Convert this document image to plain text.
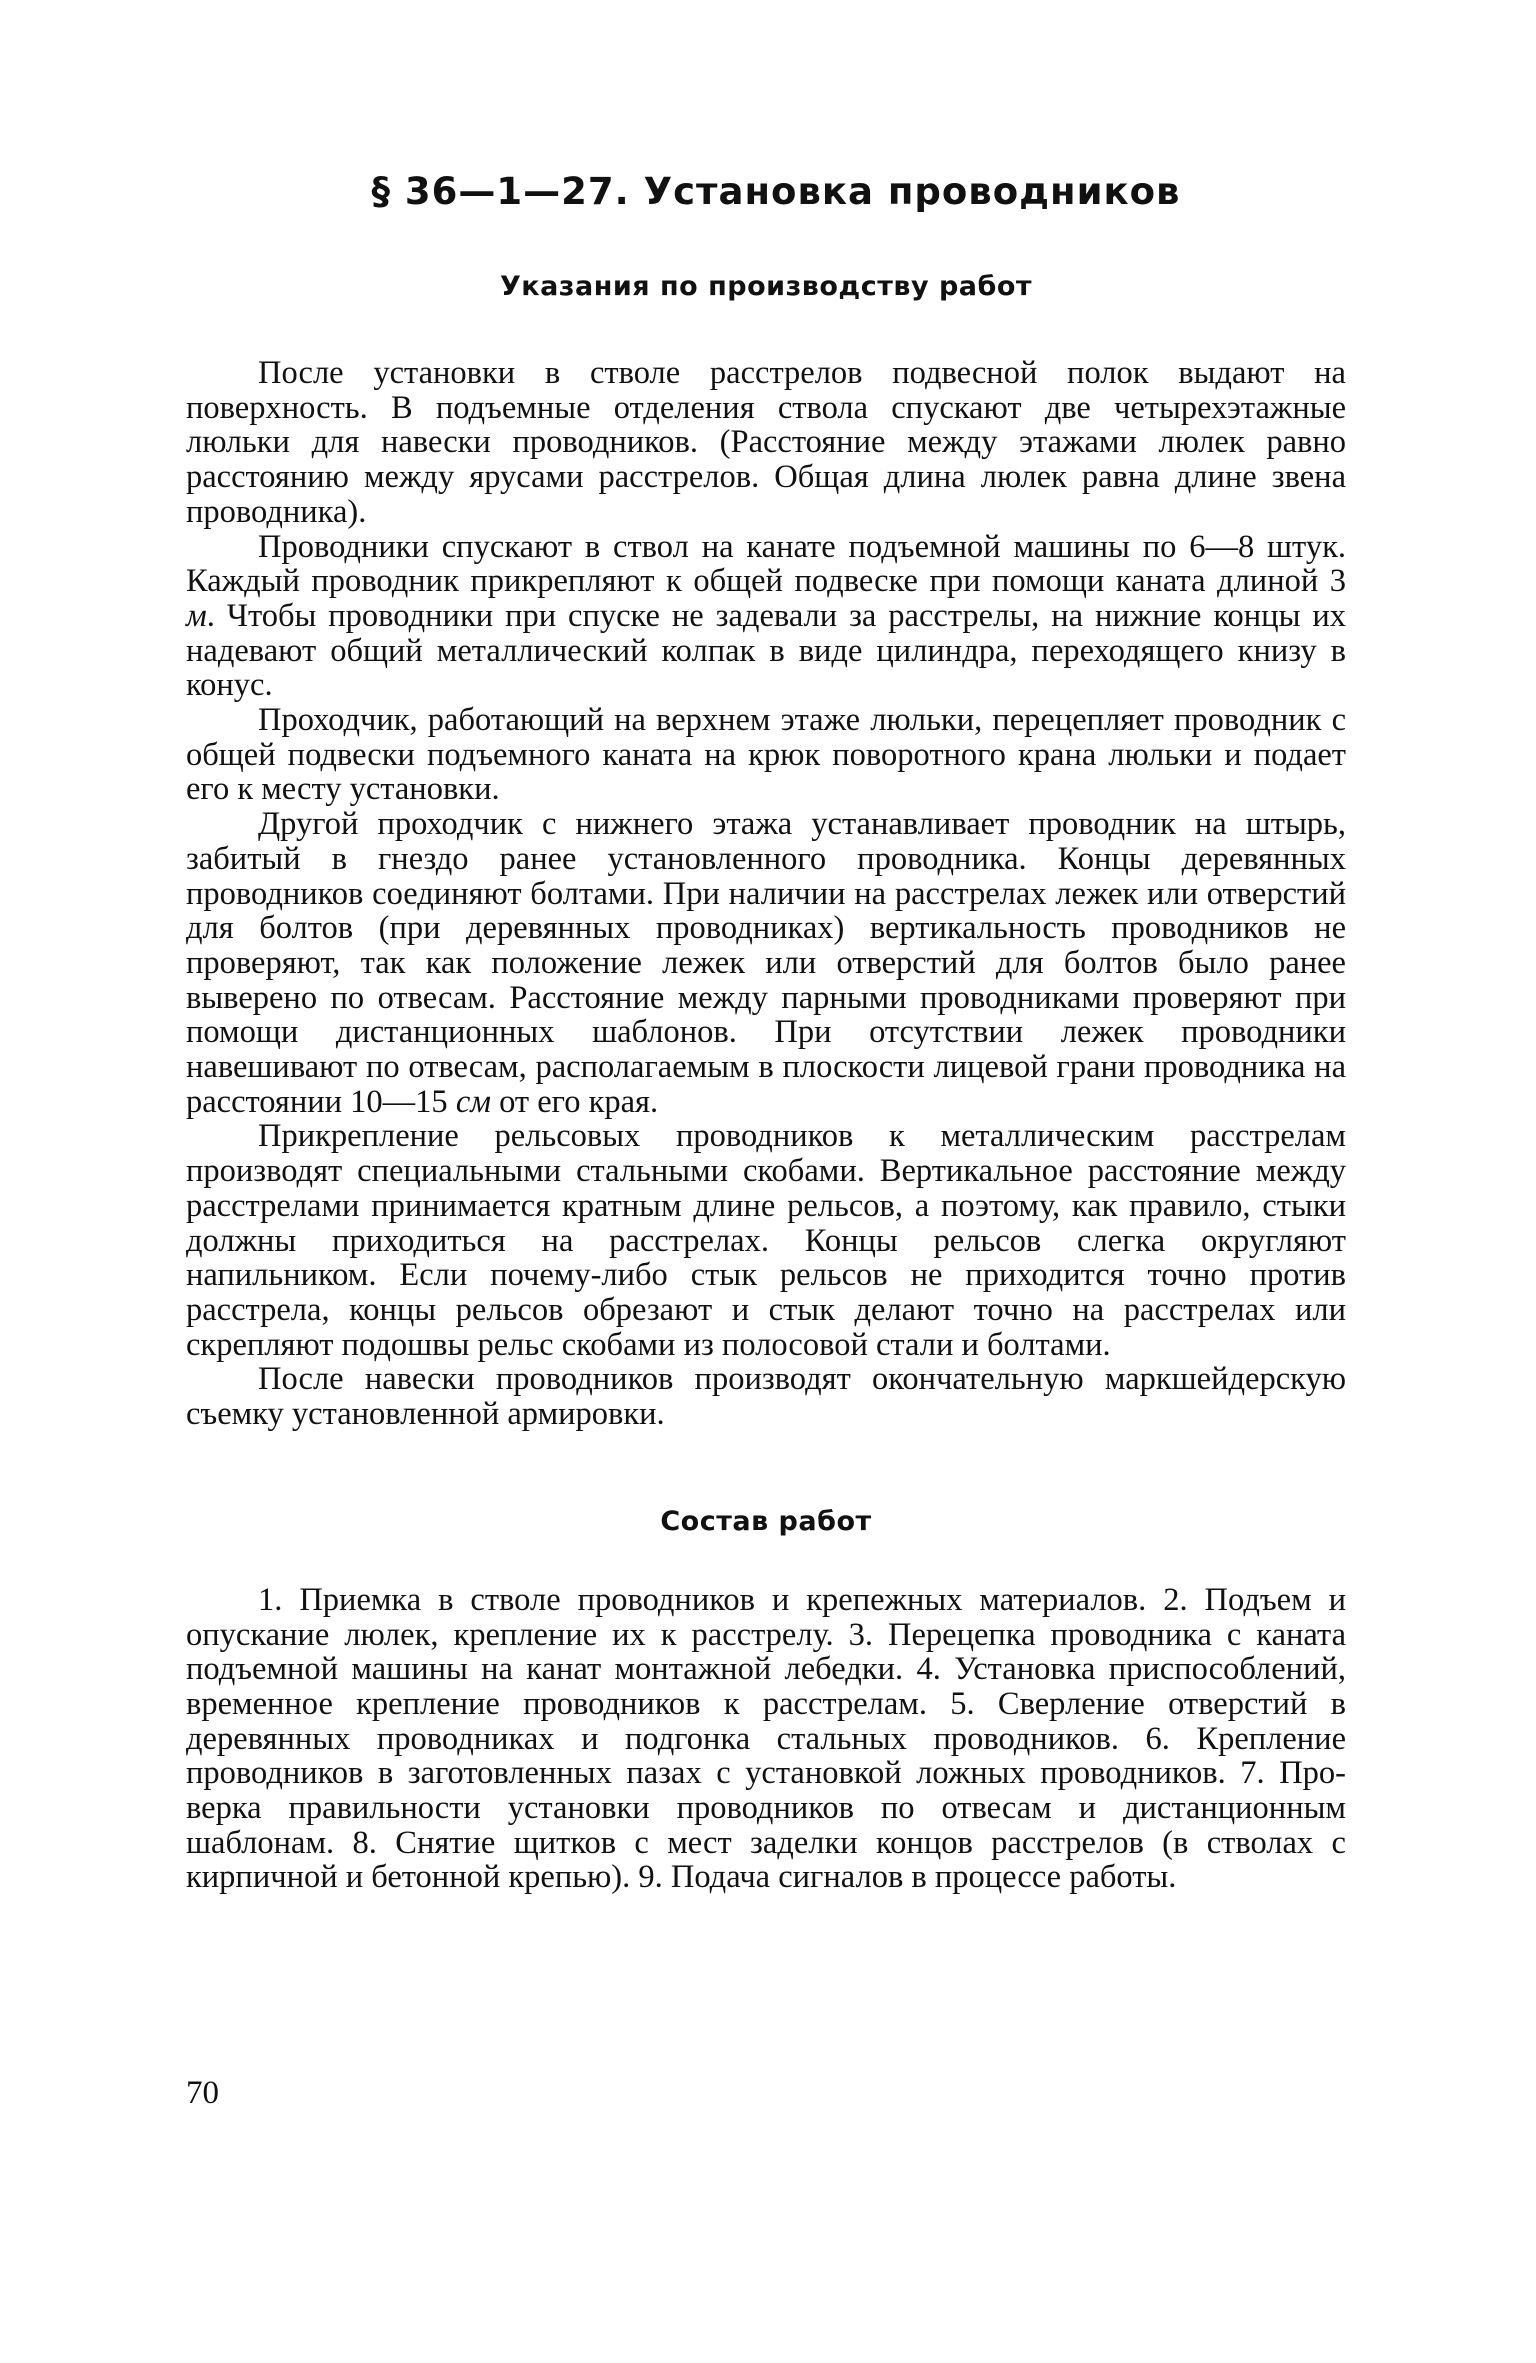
§ 36—1—27. Установка проводников
Указания по производству работ

После установки в стволе расстрелов подвесной полок выдают на поверхность. В подъемные отделения ствола спускают две четырехэтажные люльки для навески проводников. (Расстояние между этажами люлек равно расстоянию между ярусами расстрелов. Общая длина люлек равна длине звена проводника).

Проводники спускают в ствол на канате подъемной машины по 6—8 штук. Каждый проводник прикрепляют к общей подвеске при помощи каната длиной 3 м. Чтобы проводники при спуске не задевали за расстрелы, на нижние концы их надевают общий металлический колпак в виде цилиндра, переходящего книзу в конус.

Проходчик, работающий на верхнем этаже люльки, перецепляет проводник с общей подвески подъемного каната на крюк поворотного крана люльки и подает его к месту установки.

Другой проходчик с нижнего этажа устанавливает проводник на штырь, забитый в гнездо ранее установленного проводника. Концы деревянных проводников соединяют болтами. При наличии на расстрелах лежек или отверстий для болтов (при деревянных проводниках) вертикальность проводников не проверяют, так как положение лежек или отверстий для болтов было ранее выверено по отвесам. Расстояние между парными проводниками проверяют при помощи дистанционных шаблонов. При отсутствии лежек проводники навешивают по отвесам, располагаемым в плоскости лицевой грани проводника на расстоянии 10—15 см от его края.

Прикрепление рельсовых проводников к металлическим расстрелам производят специальными стальными скобами. Вертикальное расстояние между расстрелами принимается кратным длине рельсов, а поэтому, как правило, стыки должны приходиться на расстрелах. Концы рельсов слегка округляют напильником. Если почему-либо стык рельсов не приходится точно против расстрела, концы рельсов обрезают и стык делают точно на расстрелах или скрепляют подошвы рельс скобами из полосовой стали и болтами.

После навески проводников производят окончательную маркшейдерскую съемку установленной армировки.

Состав работ

1. Приемка в стволе проводников и крепежных материалов. 2. Подъем и опускание люлек, крепление их к расстрелу. 3. Перецепка проводника с каната подъемной машины на канат монтажной лебедки. 4. Установка приспособлений, временное крепление проводников к расстрелам. 5. Сверление отверстий в деревянных проводниках и подгонка стальных проводников. 6. Крепление проводников в заготовленных пазах с установкой ложных проводников. 7. Проверка правильности установки проводников по отвесам и дистанционным шаблонам. 8. Снятие щитков с мест заделки концов расстрелов (в стволах с кирпичной и бетонной крепью). 9. Подача сигналов в процессе работы.

70
